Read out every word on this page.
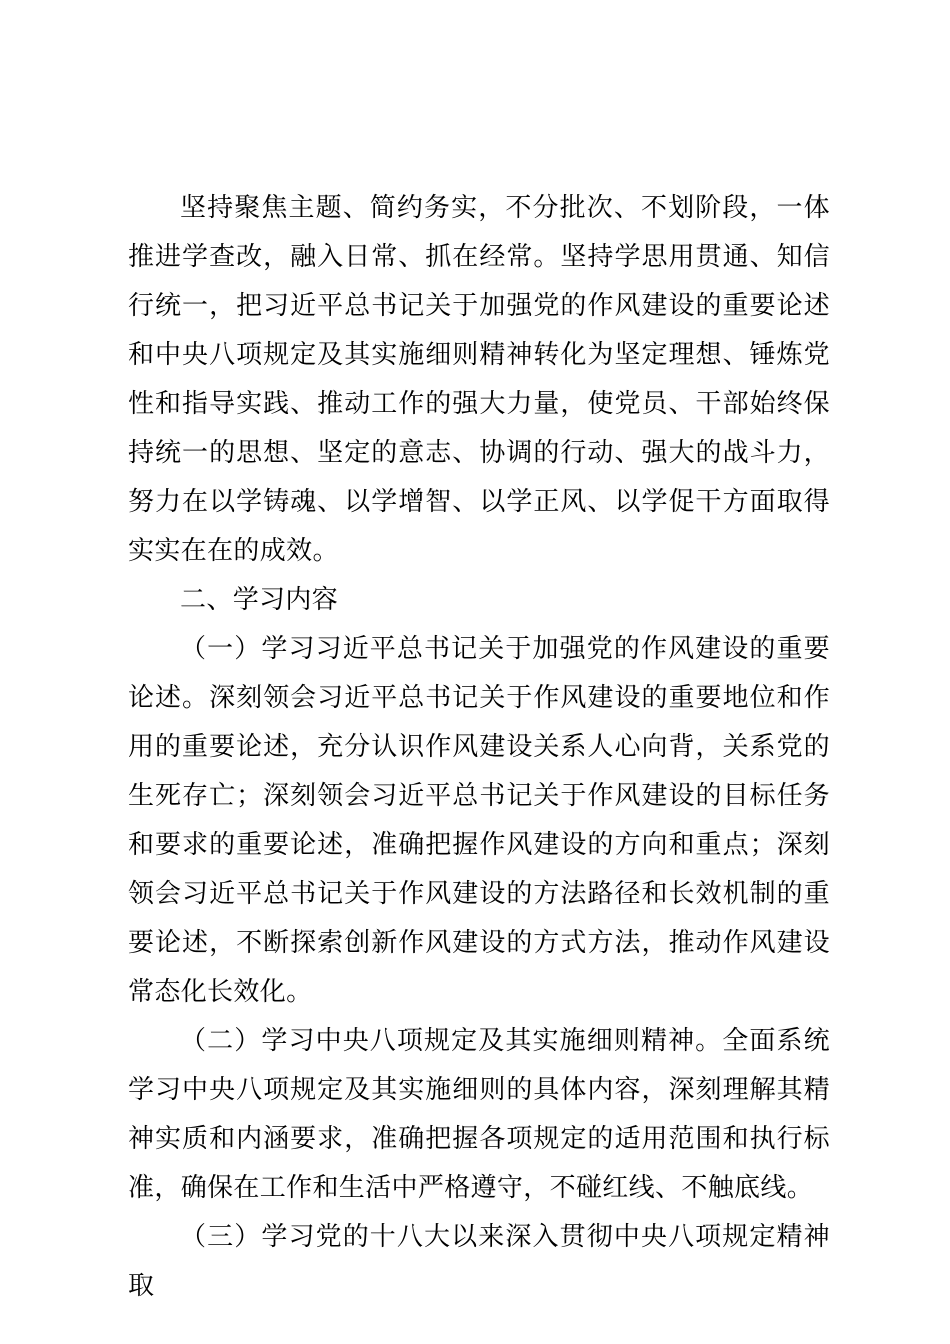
坚持聚焦主题、简约务实，不分批次、不划阶段，一体推进学查改，融入日常、抓在经常。坚持学思用贯通、知信行统一，把习近平总书记关于加强党的作风建设的重要论述和中央八项规定及其实施细则精神转化为坚定理想、锤炼党性和指导实践、推动工作的强大力量，使党员、干部始终保持统一的思想、坚定的意志、协调的行动、强大的战斗力，努力在以学铸魂、以学增智、以学正风、以学促干方面取得实实在在的成效。

二、学习内容

（一）学习习近平总书记关于加强党的作风建设的重要论述。深刻领会习近平总书记关于作风建设的重要地位和作用的重要论述，充分认识作风建设关系人心向背，关系党的生死存亡；深刻领会习近平总书记关于作风建设的目标任务和要求的重要论述，准确把握作风建设的方向和重点；深刻领会习近平总书记关于作风建设的方法路径和长效机制的重要论述，不断探索创新作风建设的方式方法，推动作风建设常态化长效化。

（二）学习中央八项规定及其实施细则精神。全面系统学习中央八项规定及其实施细则的具体内容，深刻理解其精神实质和内涵要求，准确把握各项规定的适用范围和执行标准，确保在工作和生活中严格遵守，不碰红线、不触底线。

（三）学习党的十八大以来深入贯彻中央八项规定精神取
